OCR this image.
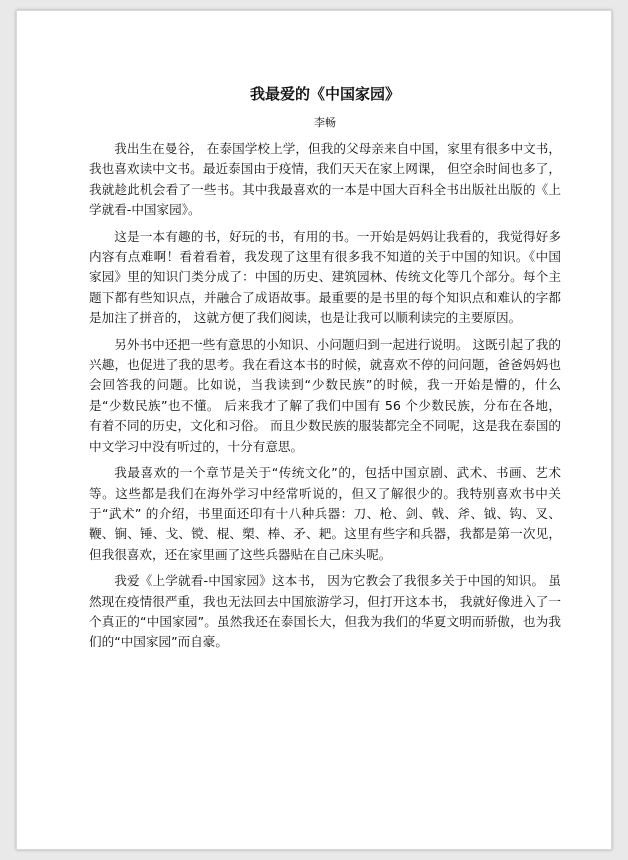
我最爱的《中国家园》
李畅

我出生在曼谷， 在泰国学校上学，但我的父母亲来自中国，家里有很多中文书，我也喜欢读中文书。最近泰国由于疫情，我们天天在家上网课， 但空余时间也多了，我就趁此机会看了一些书。其中我最喜欢的一本是中国大百科全书出版社出版的《上学就看-中国家园》。

这是一本有趣的书，好玩的书，有用的书。一开始是妈妈让我看的，我觉得好多内容有点难啊！看着看着，我发现了这里有很多我不知道的关于中国的知识。《中国家园》里的知识门类分成了：中国的历史、建筑园林、传统文化等几个部分。每个主题下都有些知识点，并融合了成语故事。最重要的是书里的每个知识点和难认的字都是加注了拼音的， 这就方便了我们阅读，也是让我可以顺利读完的主要原因。

另外书中还把一些有意思的小知识、小问题归到一起进行说明。 这既引起了我的兴趣，也促进了我的思考。我在看这本书的时候，就喜欢不停的问问题，爸爸妈妈也会回答我的问题。比如说，当我读到“少数民族”的时候，我一开始是懵的，什么是“少数民族”也不懂。 后来我才了解了我们中国有 56 个少数民族，分布在各地， 有着不同的历史，文化和习俗。 而且少数民族的服装都完全不同呢，这是我在泰国的中文学习中没有听过的，十分有意思。

我最喜欢的一个章节是关于“传统文化”的，包括中国京剧、武术、书画、艺术等。这些都是我们在海外学习中经常听说的，但又了解很少的。我特别喜欢书中关于“武术” 的介绍，书里面还印有十八种兵器：刀、枪、剑、戟、斧、钺、钩、叉、鞭、锏、锤、戈、镋、棍、槊、棒、矛、耙。这里有些字和兵器，我都是第一次见，但我很喜欢，还在家里画了这些兵器贴在自己床头呢。

我爱《上学就看-中国家园》这本书， 因为它教会了我很多关于中国的知识。 虽然现在疫情很严重，我也无法回去中国旅游学习，但打开这本书， 我就好像进入了一个真正的“中国家园”。虽然我还在泰国长大，但我为我们的华夏文明而骄傲，也为我们的“中国家园”而自豪。
